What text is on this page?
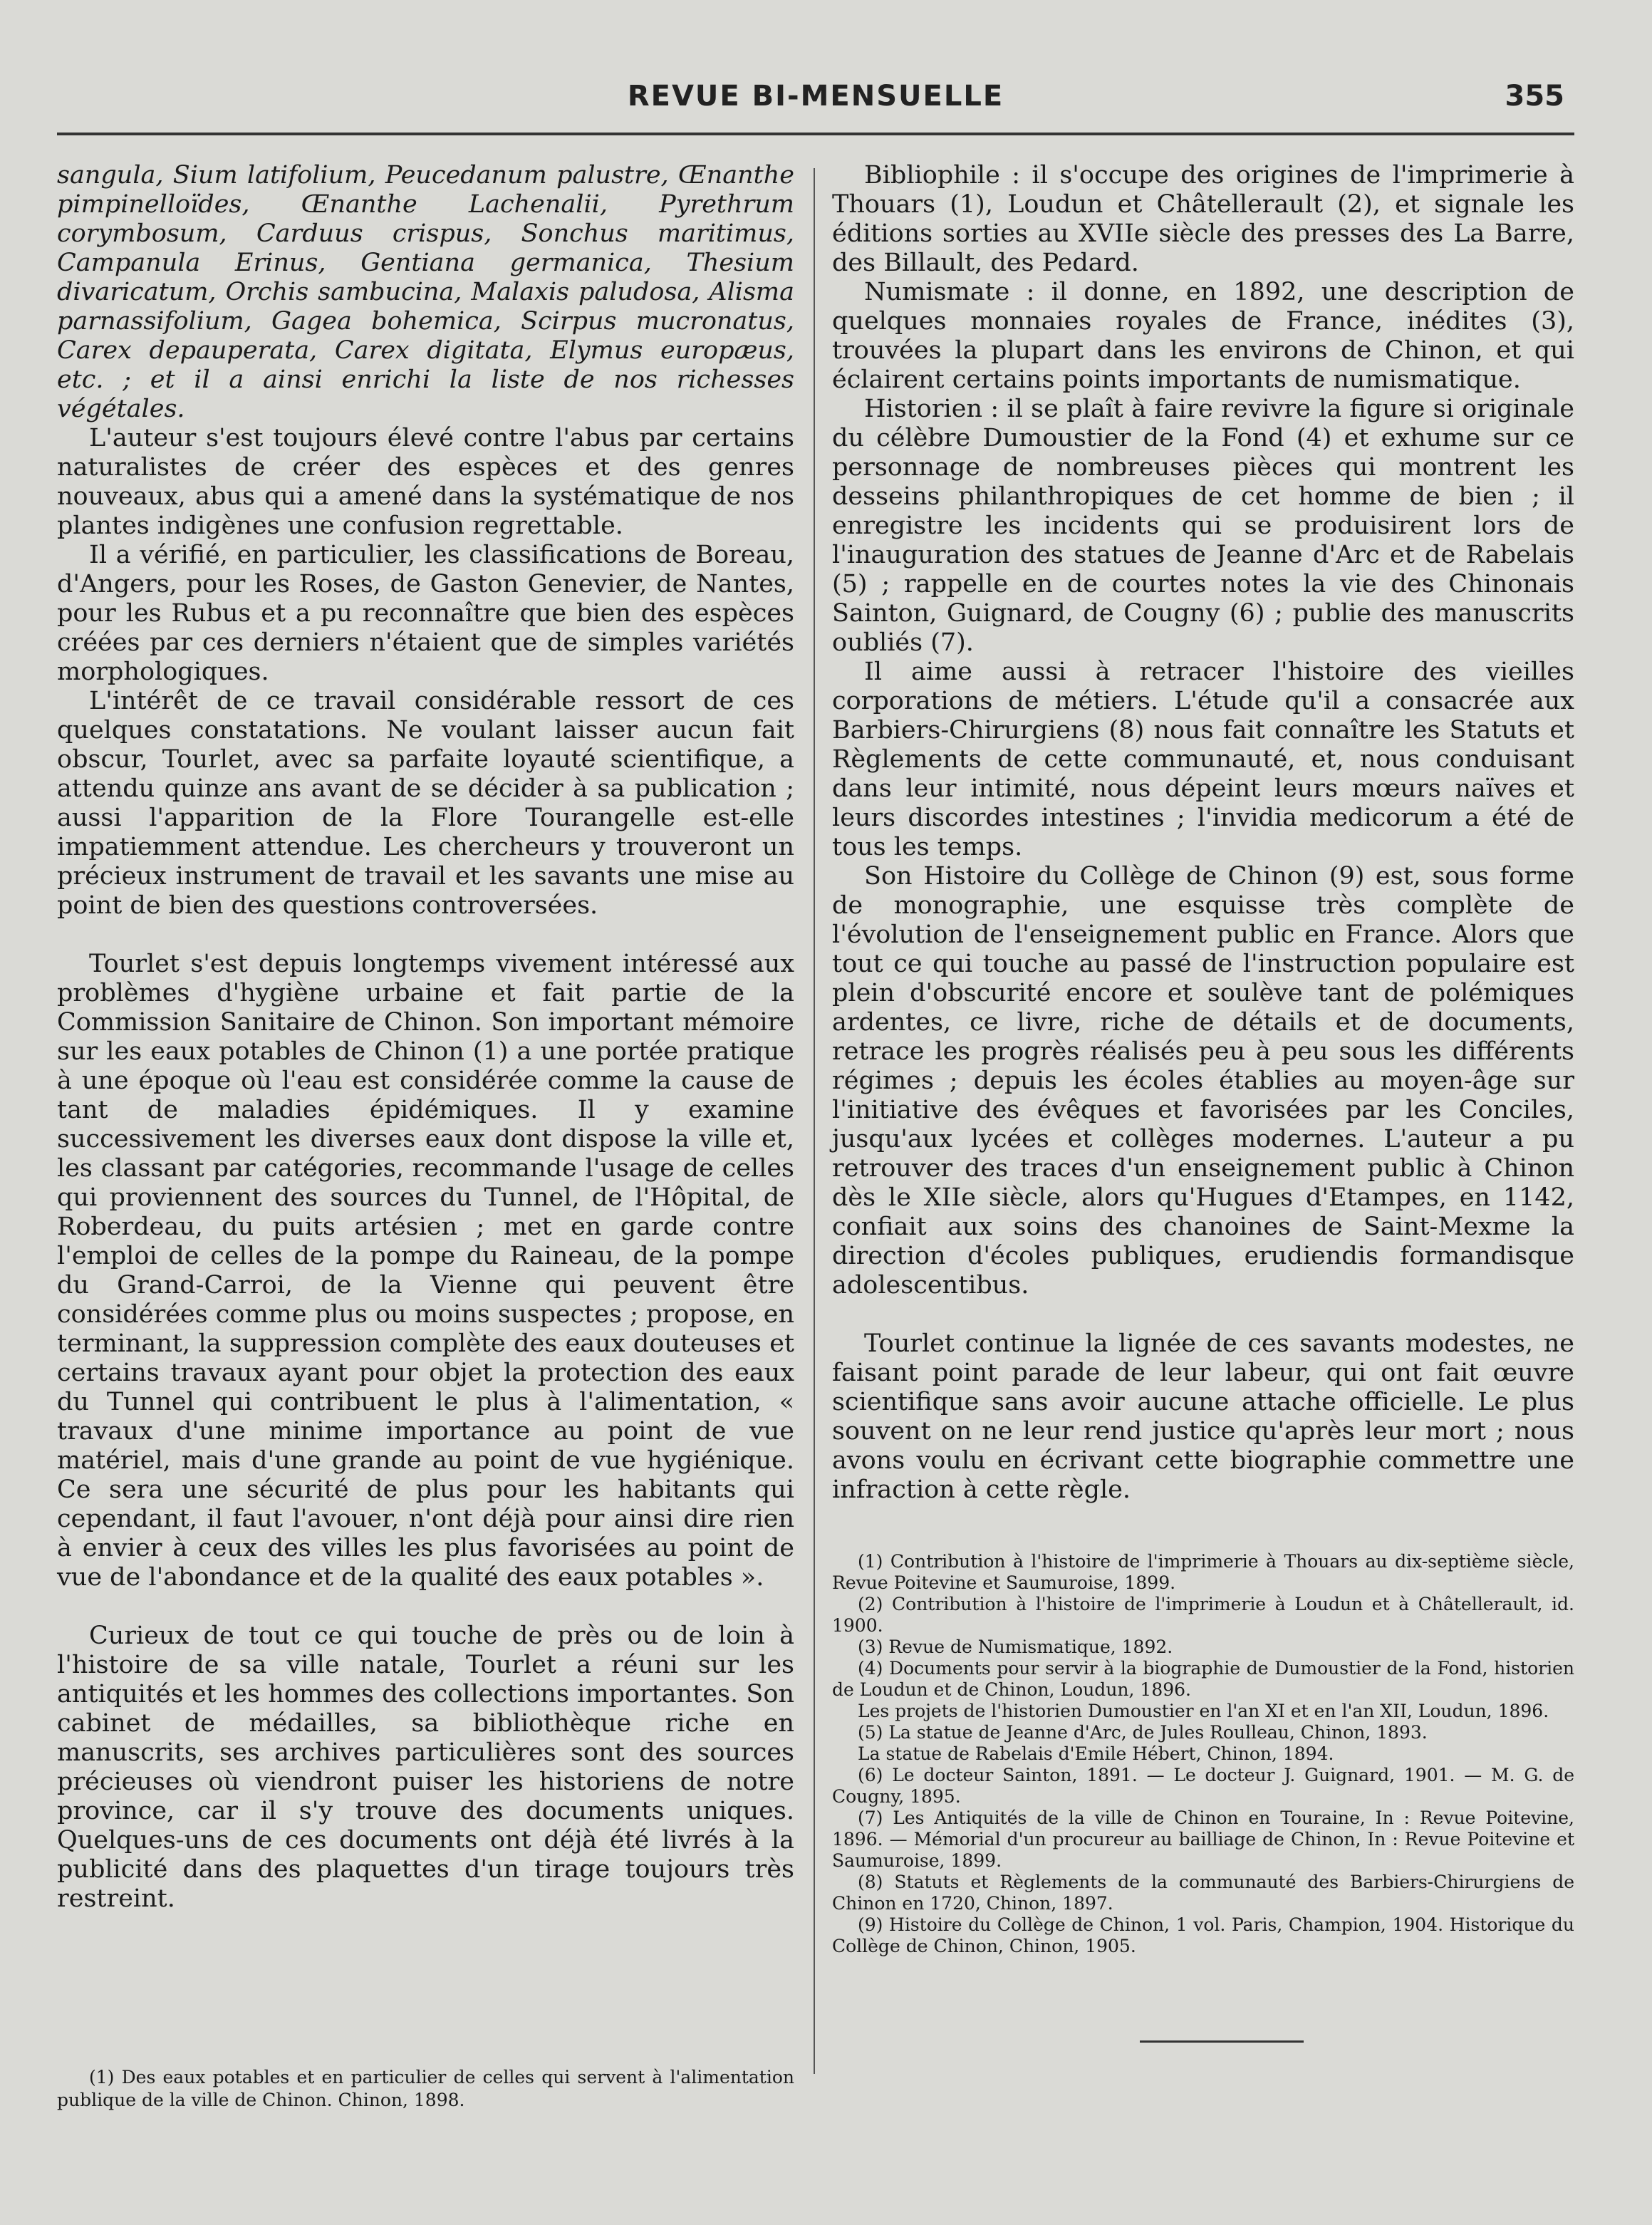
REVUE BI-MENSUELLE	355

sangula, Sium latifolium, Peucedanum palustre, Œnanthe pimpinelloïdes, Œnanthe Lachenalii, Pyrethrum corymbosum, Carduus crispus, Sonchus maritimus, Campanula Erinus, Gentiana germanica, Thesium divaricatum, Orchis sambucina, Malaxis paludosa, Alisma parnassifolium, Gagea bohemica, Scirpus mucronatus, Carex depauperata, Carex digitata, Elymus europæus, etc. ; et il a ainsi enrichi la liste de nos richesses végétales.

L'auteur s'est toujours élevé contre l'abus par certains naturalistes de créer des espèces et des genres nouveaux, abus qui a amené dans la systématique de nos plantes indigènes une confusion regrettable.

Il a vérifié, en particulier, les classifications de Boreau, d'Angers, pour les Roses, de Gaston Genevier, de Nantes, pour les Rubus et a pu reconnaître que bien des espèces créées par ces derniers n'étaient que de simples variétés morphologiques.

L'intérêt de ce travail considérable ressort de ces quelques constatations. Ne voulant laisser aucun fait obscur, Tourlet, avec sa parfaite loyauté scientifique, a attendu quinze ans avant de se décider à sa publication ; aussi l'apparition de la Flore Tourangelle est-elle impatiemment attendue. Les chercheurs y trouveront un précieux instrument de travail et les savants une mise au point de bien des questions controversées.

Tourlet s'est depuis longtemps vivement intéressé aux problèmes d'hygiène urbaine et fait partie de la Commission Sanitaire de Chinon. Son important mémoire sur les eaux potables de Chinon (1) a une portée pratique à une époque où l'eau est considérée comme la cause de tant de maladies épidémiques. Il y examine successivement les diverses eaux dont dispose la ville et, les classant par catégories, recommande l'usage de celles qui proviennent des sources du Tunnel, de l'Hôpital, de Roberdeau, du puits artésien ; met en garde contre l'emploi de celles de la pompe du Raineau, de la pompe du Grand-Carroi, de la Vienne qui peuvent être considérées comme plus ou moins suspectes ; propose, en terminant, la suppression complète des eaux douteuses et certains travaux ayant pour objet la protection des eaux du Tunnel qui contribuent le plus à l'alimentation, « travaux d'une minime importance au point de vue matériel, mais d'une grande au point de vue hygiénique. Ce sera une sécurité de plus pour les habitants qui cependant, il faut l'avouer, n'ont déjà pour ainsi dire rien à envier à ceux des villes les plus favorisées au point de vue de l'abondance et de la qualité des eaux potables ».

Curieux de tout ce qui touche de près ou de loin à l'histoire de sa ville natale, Tourlet a réuni sur les antiquités et les hommes des collections importantes. Son cabinet de médailles, sa bibliothèque riche en manuscrits, ses archives particulières sont des sources précieuses où viendront puiser les historiens de notre province, car il s'y trouve des documents uniques. Quelques-uns de ces documents ont déjà été livrés à la publicité dans des plaquettes d'un tirage toujours très restreint.

(1) Des eaux potables et en particulier de celles qui servent à l'alimentation publique de la ville de Chinon. Chinon, 1898.

Bibliophile : il s'occupe des origines de l'imprimerie à Thouars (1), Loudun et Châtellerault (2), et signale les éditions sorties au XVIIe siècle des presses des La Barre, des Billault, des Pedard.

Numismate : il donne, en 1892, une description de quelques monnaies royales de France, inédites (3), trouvées la plupart dans les environs de Chinon, et qui éclairent certains points importants de numismatique.

Historien : il se plaît à faire revivre la figure si originale du célèbre Dumoustier de la Fond (4) et exhume sur ce personnage de nombreuses pièces qui montrent les desseins philanthropiques de cet homme de bien ; il enregistre les incidents qui se produisirent lors de l'inauguration des statues de Jeanne d'Arc et de Rabelais (5) ; rappelle en de courtes notes la vie des Chinonais Sainton, Guignard, de Cougny (6) ; publie des manuscrits oubliés (7).

Il aime aussi à retracer l'histoire des vieilles corporations de métiers. L'étude qu'il a consacrée aux Barbiers-Chirurgiens (8) nous fait connaître les Statuts et Règlements de cette communauté, et, nous conduisant dans leur intimité, nous dépeint leurs mœurs naïves et leurs discordes intestines ; l'invidia medicorum a été de tous les temps.

Son Histoire du Collège de Chinon (9) est, sous forme de monographie, une esquisse très complète de l'évolution de l'enseignement public en France. Alors que tout ce qui touche au passé de l'instruction populaire est plein d'obscurité encore et soulève tant de polémiques ardentes, ce livre, riche de détails et de documents, retrace les progrès réalisés peu à peu sous les différents régimes ; depuis les écoles établies au moyen-âge sur l'initiative des évêques et favorisées par les Conciles, jusqu'aux lycées et collèges modernes. L'auteur a pu retrouver des traces d'un enseignement public à Chinon dès le XIIe siècle, alors qu'Hugues d'Etampes, en 1142, confiait aux soins des chanoines de Saint-Mexme la direction d'écoles publiques, erudiendis formandisque adolescentibus.

Tourlet continue la lignée de ces savants modestes, ne faisant point parade de leur labeur, qui ont fait œuvre scientifique sans avoir aucune attache officielle. Le plus souvent on ne leur rend justice qu'après leur mort ; nous avons voulu en écrivant cette biographie commettre une infraction à cette règle.

(1) Contribution à l'histoire de l'imprimerie à Thouars au dix-septième siècle, Revue Poitevine et Saumuroise, 1899.

(2) Contribution à l'histoire de l'imprimerie à Loudun et à Châtellerault, id. 1900.

(3) Revue de Numismatique, 1892.

(4) Documents pour servir à la biographie de Dumoustier de la Fond, historien de Loudun et de Chinon, Loudun, 1896.

Les projets de l'historien Dumoustier en l'an XI et en l'an XII, Loudun, 1896.

(5) La statue de Jeanne d'Arc, de Jules Roulleau, Chinon, 1893.

La statue de Rabelais d'Emile Hébert, Chinon, 1894.

(6) Le docteur Sainton, 1891. — Le docteur J. Guignard, 1901. — M. G. de Cougny, 1895.

(7) Les Antiquités de la ville de Chinon en Touraine, In : Revue Poitevine, 1896. — Mémorial d'un procureur au bailliage de Chinon, In : Revue Poitevine et Saumuroise, 1899.

(8) Statuts et Règlements de la communauté des Barbiers-Chirurgiens de Chinon en 1720, Chinon, 1897.

(9) Histoire du Collège de Chinon, 1 vol. Paris, Champion, 1904. Historique du Collège de Chinon, Chinon, 1905.
